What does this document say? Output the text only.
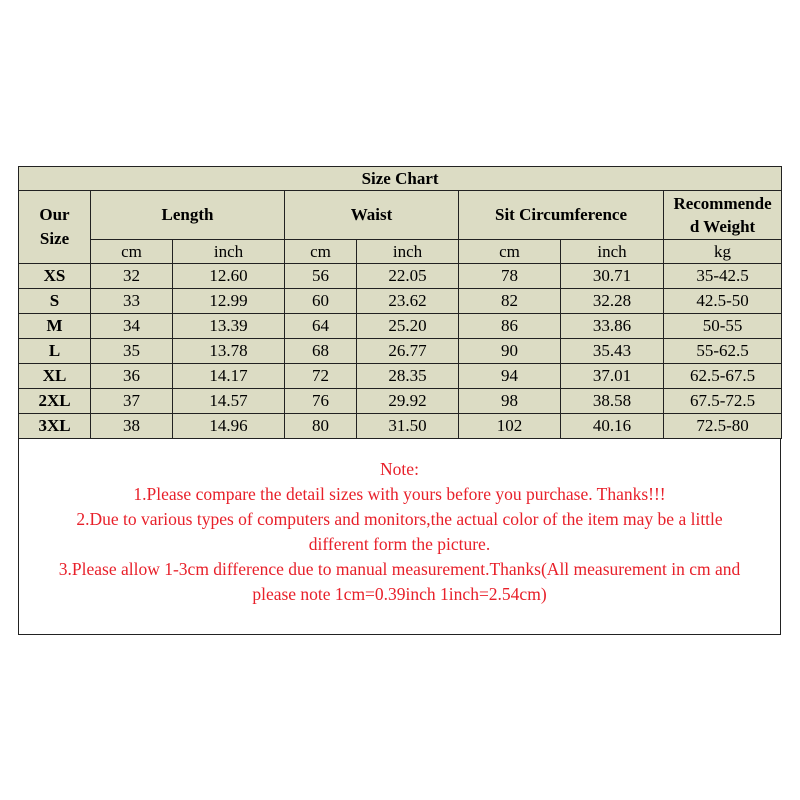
Size Chart							
Our Size	Length		Waist		Sit Circumference		Recommende
d Weight

	cm	inch	cm	inch	cm	inch	kg
XS	32	12.60	56	22.05	78	30.71	35-42.5
S	33	12.99	60	23.62	82	32.28	42.5-50
M	34	13.39	64	25.20	86	33.86	50-55
L	35	13.78	68	26.77	90	35.43	55-62.5
XL	36	14.17	72	28.35	94	37.01	62.5-67.5
2XL	37	14.57	76	29.92	98	38.58	67.5-72.5
3XL	38	14.96	80	31.50	102	40.16	72.5-80
Note:
1.Please compare the detail sizes with yours before you purchase. Thanks!!!
2.Due to various types of computers and monitors,the actual color of the item may be a little
different form the picture.
3.Please allow 1-3cm difference due to manual measurement.Thanks(All measurement in cm and
please note 1cm=0.39inch 1inch=2.54cm)
